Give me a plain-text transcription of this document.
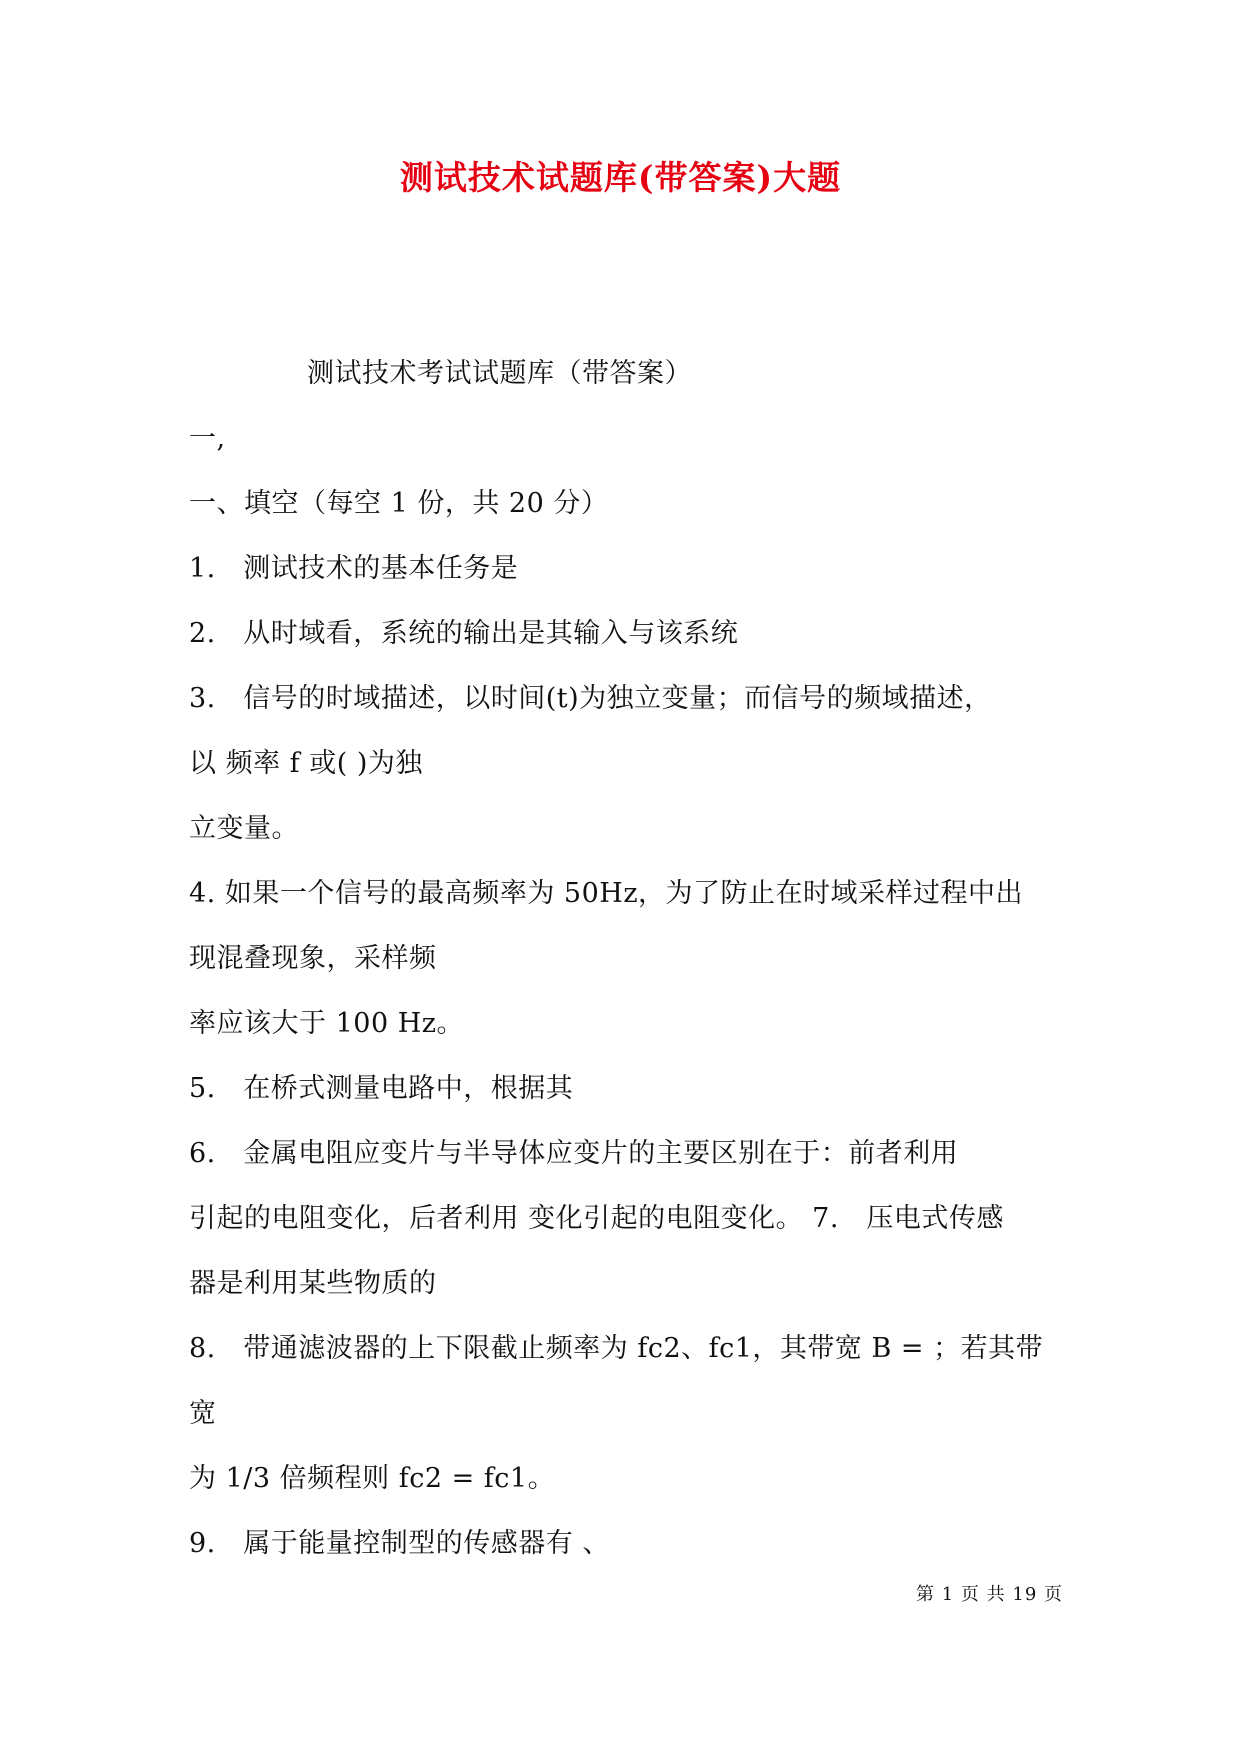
测试技术试题库(带答案)大题
测试技术考试试题库（带答案）
一,
一、填空（每空 1 份，共 20 分）
1.　测试技术的基本任务是
2.　从时域看，系统的输出是其输入与该系统
3.　信号的时域描述，以时间(t)为独立变量；而信号的频域描述，
以 频率 f 或( )为独
立变量。
4. 如果一个信号的最高频率为 50Hz，为了防止在时域采样过程中出
现混叠现象，采样频
率应该大于 100 Hz。
5.　在桥式测量电路中，根据其
6.　金属电阻应变片与半导体应变片的主要区别在于：前者利用
引起的电阻变化，后者利用 变化引起的电阻变化。 7.　压电式传感
器是利用某些物质的
8.　带通滤波器的上下限截止频率为 fc2、fc1，其带宽 B = ；若其带
宽
为 1/3 倍频程则 fc2 = fc1。
9.　属于能量控制型的传感器有 、
第 1 页 共 19 页
